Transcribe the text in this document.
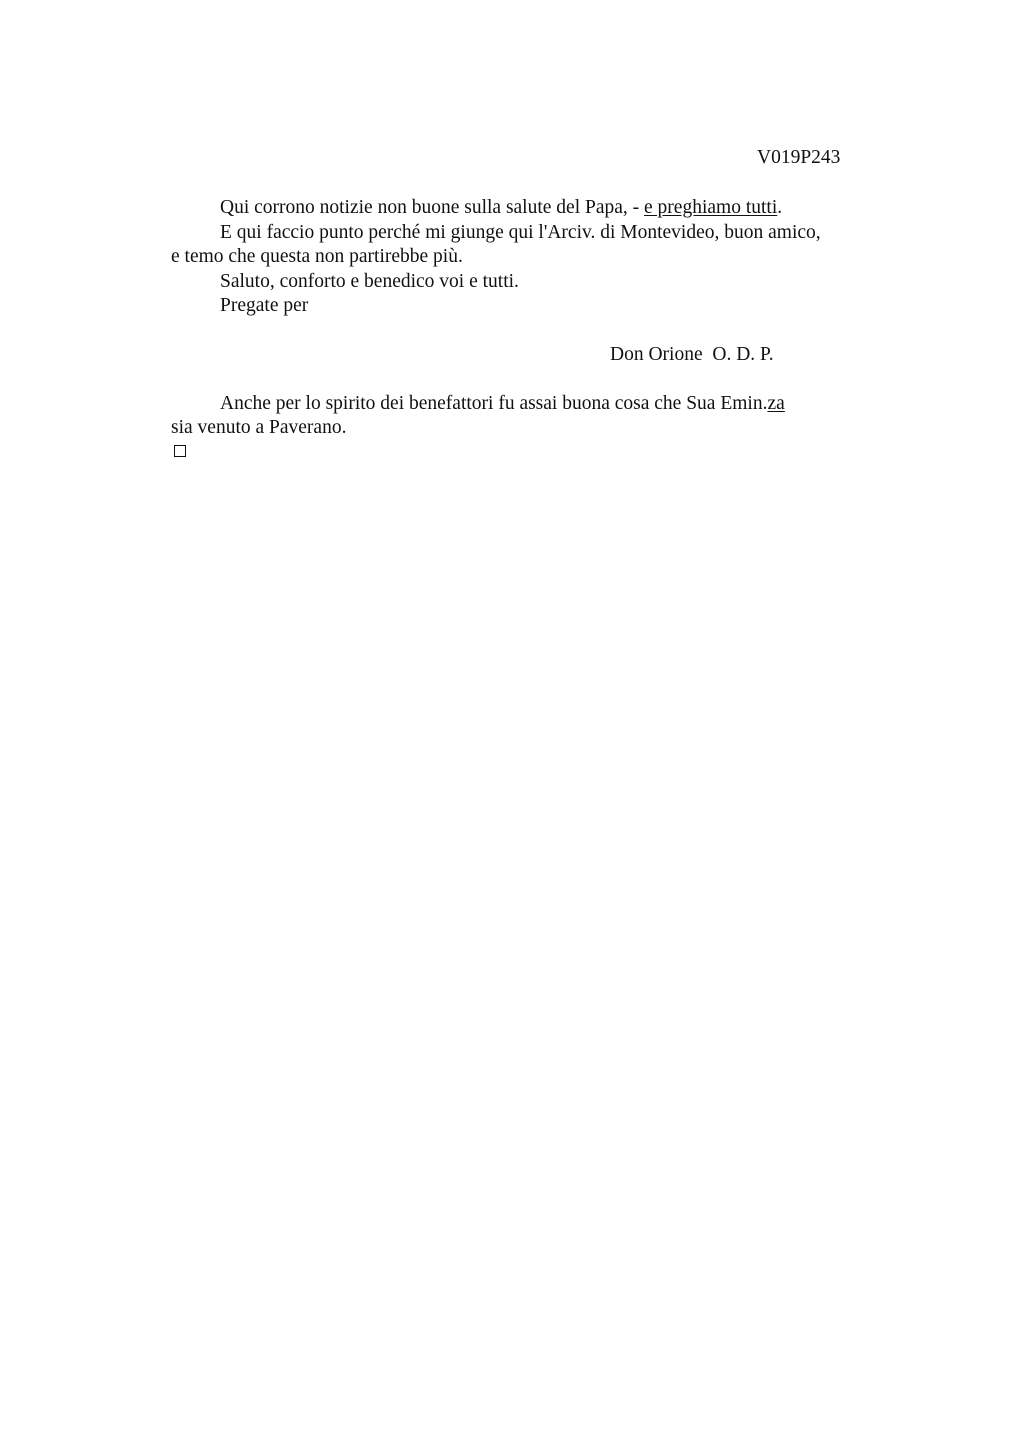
V019P243
Qui corrono notizie non buone sulla salute del Papa, - e preghiamo tutti.
E qui faccio punto perché mi giunge qui l'Arciv. di Montevideo, buon amico,
e temo che questa non partirebbe più.
Saluto, conforto e benedico voi e tutti.
Pregate per
Don Orione  O. D. P.
Anche per lo spirito dei benefattori fu assai buona cosa che Sua Emin.za
sia venuto a Paverano.
